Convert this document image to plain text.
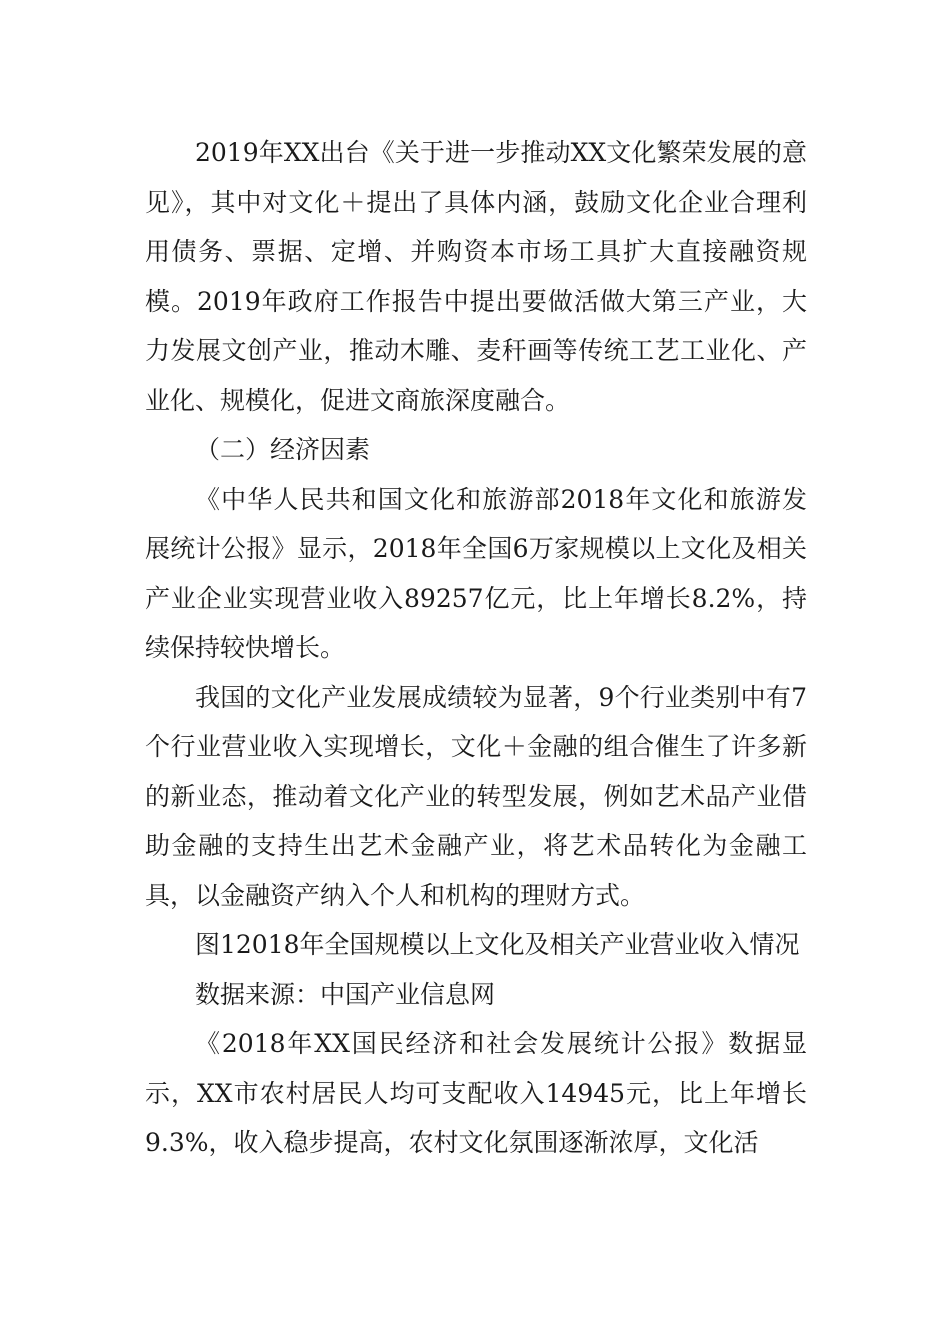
2019年XX出台《关于进一步推动XX文化繁荣发展的意见》，其中对文化＋提出了具体内涵，鼓励文化企业合理利用债务、票据、定增、并购资本市场工具扩大直接融资规模。2019年政府工作报告中提出要做活做大第三产业，大力发展文创产业，推动木雕、麦秆画等传统工艺工业化、产业化、规模化，促进文商旅深度融合。

（二）经济因素

《中华人民共和国文化和旅游部2018年文化和旅游发展统计公报》显示，2018年全国6万家规模以上文化及相关产业企业实现营业收入89257亿元，比上年增长8.2%，持续保持较快增长。

我国的文化产业发展成绩较为显著，9个行业类别中有7个行业营业收入实现增长，文化＋金融的组合催生了许多新的新业态，推动着文化产业的转型发展，例如艺术品产业借助金融的支持生出艺术金融产业，将艺术品转化为金融工具，以金融资产纳入个人和机构的理财方式。

图12018年全国规模以上文化及相关产业营业收入情况

数据来源：中国产业信息网

《2018年XX国民经济和社会发展统计公报》数据显示，XX市农村居民人均可支配收入14945元，比上年增长9.3%，收入稳步提高，农村文化氛围逐渐浓厚，文化活
